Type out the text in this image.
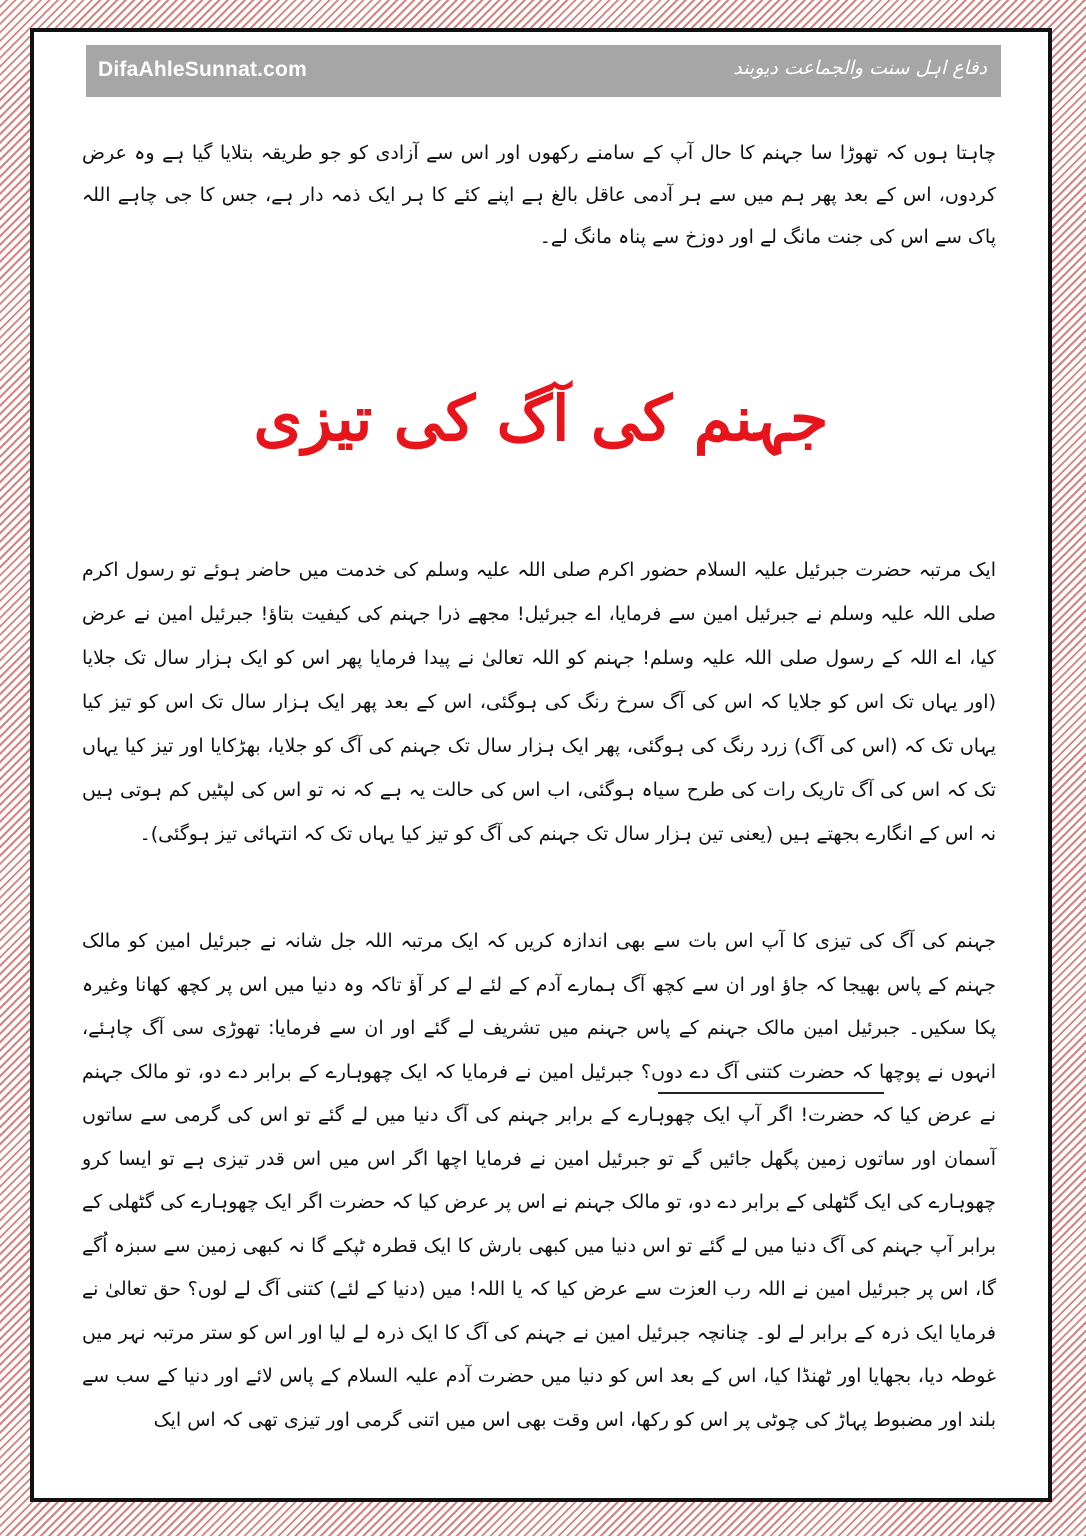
DifaAhleSunnat.com	دفاع اہل سنت والجماعت دیوبند

چاہتا ہوں کہ تھوڑا سا جہنم کا حال آپ کے سامنے رکھوں اور اس سے آزادی کو جو طریقہ بتلایا گیا ہے وہ عرض کردوں، اس کے بعد پھر ہم میں سے ہر آدمی عاقل بالغ ہے اپنے کئے کا ہر ایک ذمہ دار ہے، جس کا جی چاہے اللہ پاک سے اس کی جنت مانگ لے اور دوزخ سے پناہ مانگ لے۔

جہنم کی آگ کی تیزی

ایک مرتبہ حضرت جبرئیل علیہ السلام حضور اکرم صلی اللہ علیہ وسلم کی خدمت میں حاضر ہوئے تو رسول اکرم صلی اللہ علیہ وسلم نے جبرئیل امین سے فرمایا، اے جبرئیل! مجھے ذرا جہنم کی کیفیت بتاؤ! جبرئیل امین نے عرض کیا، اے اللہ کے رسول صلی اللہ علیہ وسلم! جہنم کو اللہ تعالیٰ نے پیدا فرمایا پھر اس کو ایک ہزار سال تک جلایا (اور یہاں تک اس کو جلایا کہ اس کی آگ سرخ رنگ کی ہوگئی، اس کے بعد پھر ایک ہزار سال تک اس کو تیز کیا یہاں تک کہ (اس کی آگ) زرد رنگ کی ہوگئی، پھر ایک ہزار سال تک جہنم کی آگ کو جلایا، بھڑکایا اور تیز کیا یہاں تک کہ اس کی آگ تاریک رات کی طرح سیاہ ہوگئی، اب اس کی حالت یہ ہے کہ نہ تو اس کی لپٹیں کم ہوتی ہیں نہ اس کے انگارے بجھتے ہیں (یعنی تین ہزار سال تک جہنم کی آگ کو تیز کیا یہاں تک کہ انتہائی تیز ہوگئی)۔

جہنم کی آگ کی تیزی کا آپ اس بات سے بھی اندازہ کریں کہ ایک مرتبہ اللہ جل شانہ نے جبرئیل امین کو مالک جہنم کے پاس بھیجا کہ جاؤ اور ان سے کچھ آگ ہمارے آدم کے لئے لے کر آؤ تاکہ وہ دنیا میں اس پر کچھ کھانا وغیرہ پکا سکیں۔ جبرئیل امین مالک جہنم کے پاس جہنم میں تشریف لے گئے اور ان سے فرمایا: تھوڑی سی آگ چاہئے، انہوں نے پوچھا کہ حضرت کتنی آگ دے دوں؟ جبرئیل امین نے فرمایا کہ ایک چھوہارے کے برابر دے دو، تو مالک جہنم نے عرض کیا کہ حضرت! اگر آپ ایک چھوہارے کے برابر جہنم کی آگ دنیا میں لے گئے تو اس کی گرمی سے ساتوں آسمان اور ساتوں زمین پگھل جائیں گے تو جبرئیل امین نے فرمایا اچھا اگر اس میں اس قدر تیزی ہے تو ایسا کرو چھوہارے کی ایک گٹھلی کے برابر دے دو، تو مالک جہنم نے اس پر عرض کیا کہ حضرت اگر ایک چھوہارے کی گٹھلی کے برابر آپ جہنم کی آگ دنیا میں لے گئے تو اس دنیا میں کبھی بارش کا ایک قطرہ ٹپکے گا نہ کبھی زمین سے سبزہ اُگے گا، اس پر جبرئیل امین نے اللہ رب العزت سے عرض کیا کہ یا اللہ! میں (دنیا کے لئے) کتنی آگ لے لوں؟ حق تعالیٰ نے فرمایا ایک ذرہ کے برابر لے لو۔ چنانچہ جبرئیل امین نے جہنم کی آگ کا ایک ذرہ لے لیا اور اس کو ستر مرتبہ نہر میں غوطہ دیا، بجھایا اور ٹھنڈا کیا، اس کے بعد اس کو دنیا میں حضرت آدم علیہ السلام کے پاس لائے اور دنیا کے سب سے بلند اور مضبوط پہاڑ کی چوٹی پر اس کو رکھا، اس وقت بھی اس میں اتنی گرمی اور تیزی تھی کہ اس ایک
